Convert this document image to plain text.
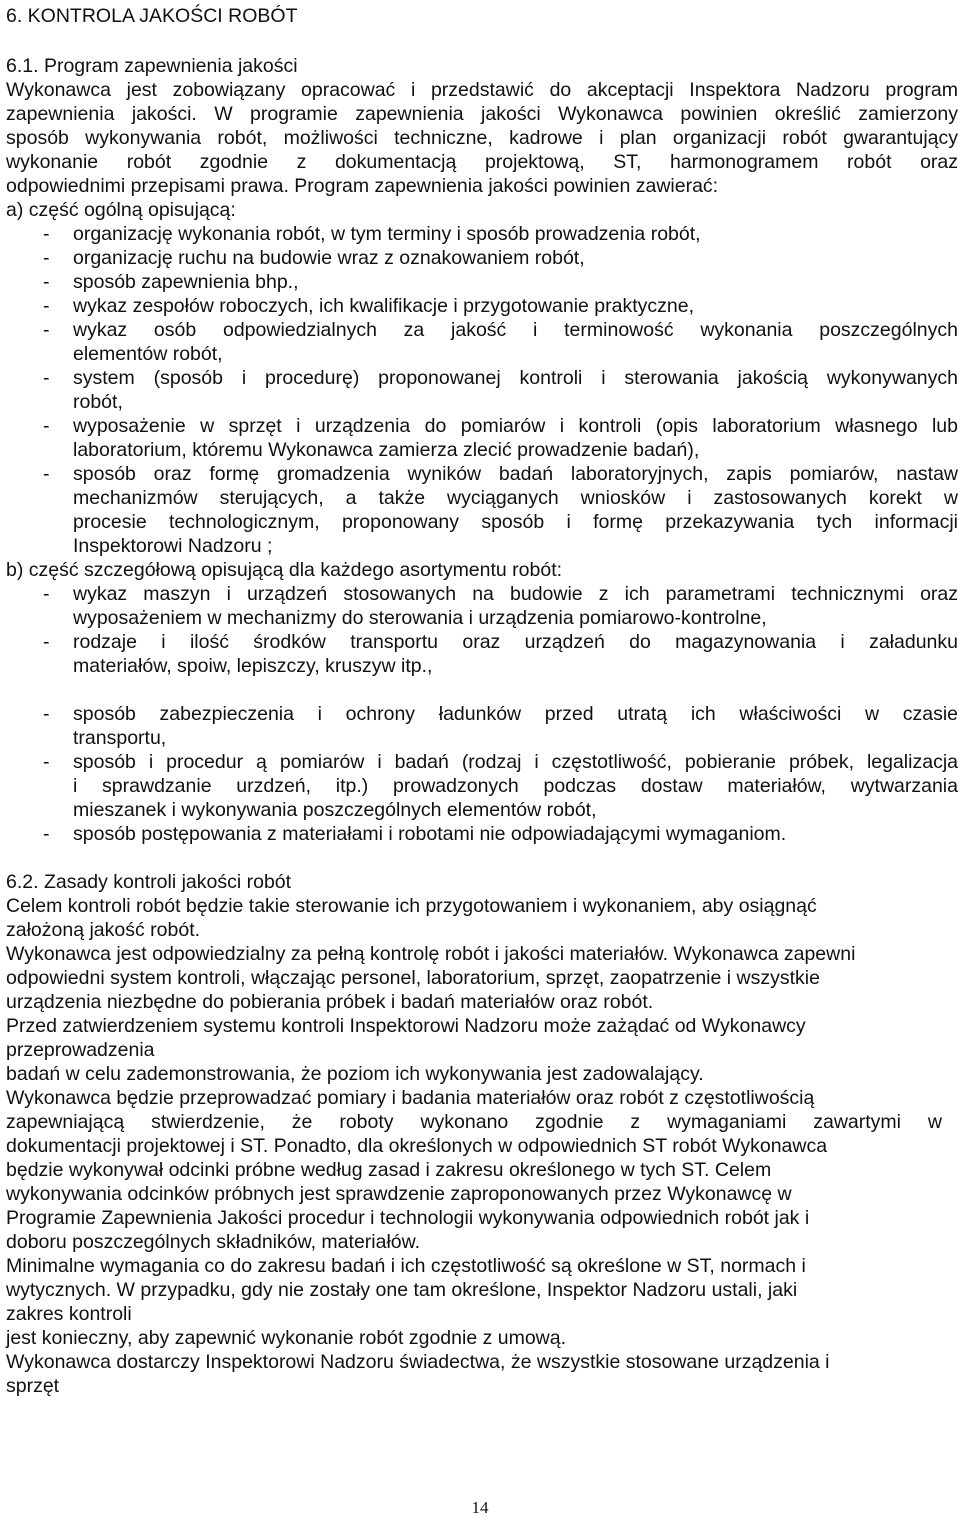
6. KONTROLA JAKOŚCI ROBÓT
6.1. Program zapewnienia jakości
Wykonawca jest zobowiązany opracować i przedstawić do akceptacji Inspektora Nadzoru program
zapewnienia jakości. W programie zapewnienia jakości Wykonawca powinien określić zamierzony
sposób wykonywania robót, możliwości techniczne, kadrowe i plan organizacji robót gwarantujący
wykonanie robót zgodnie z dokumentacją projektową, ST, harmonogramem robót oraz
odpowiednimi przepisami prawa. Program zapewnienia jakości powinien zawierać:
a) część ogólną opisującą:
- organizację wykonania robót, w tym terminy i sposób prowadzenia robót,
- organizację ruchu na budowie wraz z oznakowaniem robót,
- sposób zapewnienia bhp.,
- wykaz zespołów roboczych, ich kwalifikacje i przygotowanie praktyczne,
- wykaz osób odpowiedzialnych za jakość i terminowość wykonania poszczególnych
elementów robót,
- system (sposób i procedurę) proponowanej kontroli i sterowania jakością wykonywanych
robót,
- wyposażenie w sprzęt i urządzenia do pomiarów i kontroli (opis laboratorium własnego lub
laboratorium, któremu Wykonawca zamierza zlecić prowadzenie badań),
- sposób oraz formę gromadzenia wyników badań laboratoryjnych, zapis pomiarów, nastaw
mechanizmów sterujących, a także wyciąganych wniosków i zastosowanych korekt w
procesie technologicznym, proponowany sposób i formę przekazywania tych informacji
Inspektorowi Nadzoru ;
b) część szczegółową opisującą dla każdego asortymentu robót:
- wykaz maszyn i urządzeń stosowanych na budowie z ich parametrami technicznymi oraz
wyposażeniem w mechanizmy do sterowania i urządzenia pomiarowo-kontrolne,
- rodzaje i ilość środków transportu oraz urządzeń do magazynowania i załadunku
materiałów, spoiw, lepiszczy, kruszyw itp.,
- sposób zabezpieczenia i ochrony ładunków przed utratą ich właściwości w czasie
transportu,
- sposób i procedur ą pomiarów i badań (rodzaj i częstotliwość, pobieranie próbek, legalizacja
i sprawdzanie urzdzeń, itp.) prowadzonych podczas dostaw materiałów, wytwarzania
mieszanek i wykonywania poszczególnych elementów robót,
- sposób postępowania z materiałami i robotami nie odpowiadającymi wymaganiom.
6.2. Zasady kontroli jakości robót
Celem kontroli robót będzie takie sterowanie ich przygotowaniem i wykonaniem, aby osiągnąć
założoną jakość robót.
Wykonawca jest odpowiedzialny za pełną kontrolę robót i jakości materiałów. Wykonawca zapewni
odpowiedni system kontroli, włączając personel, laboratorium, sprzęt, zaopatrzenie i wszystkie
urządzenia niezbędne do pobierania próbek i badań materiałów oraz robót.
Przed zatwierdzeniem systemu kontroli Inspektorowi Nadzoru może zażądać od Wykonawcy
przeprowadzenia
badań w celu zademonstrowania, że poziom ich wykonywania jest zadowalający.
Wykonawca będzie przeprowadzać pomiary i badania materiałów oraz robót z częstotliwością
zapewniającą stwierdzenie, że roboty wykonano zgodnie z wymaganiami zawartymi w
dokumentacji projektowej i ST. Ponadto, dla określonych w odpowiednich ST robót Wykonawca
będzie wykonywał odcinki próbne według zasad i zakresu określonego w tych ST. Celem
wykonywania odcinków próbnych jest sprawdzenie zaproponowanych przez Wykonawcę w
Programie Zapewnienia Jakości procedur i technologii wykonywania odpowiednich robót jak i
doboru poszczególnych składników, materiałów.
Minimalne wymagania co do zakresu badań i ich częstotliwość są określone w ST, normach i
wytycznych. W przypadku, gdy nie zostały one tam określone, Inspektor Nadzoru ustali, jaki
zakres kontroli
jest konieczny, aby zapewnić wykonanie robót zgodnie z umową.
Wykonawca dostarczy Inspektorowi Nadzoru świadectwa, że wszystkie stosowane urządzenia i
sprzęt
14
